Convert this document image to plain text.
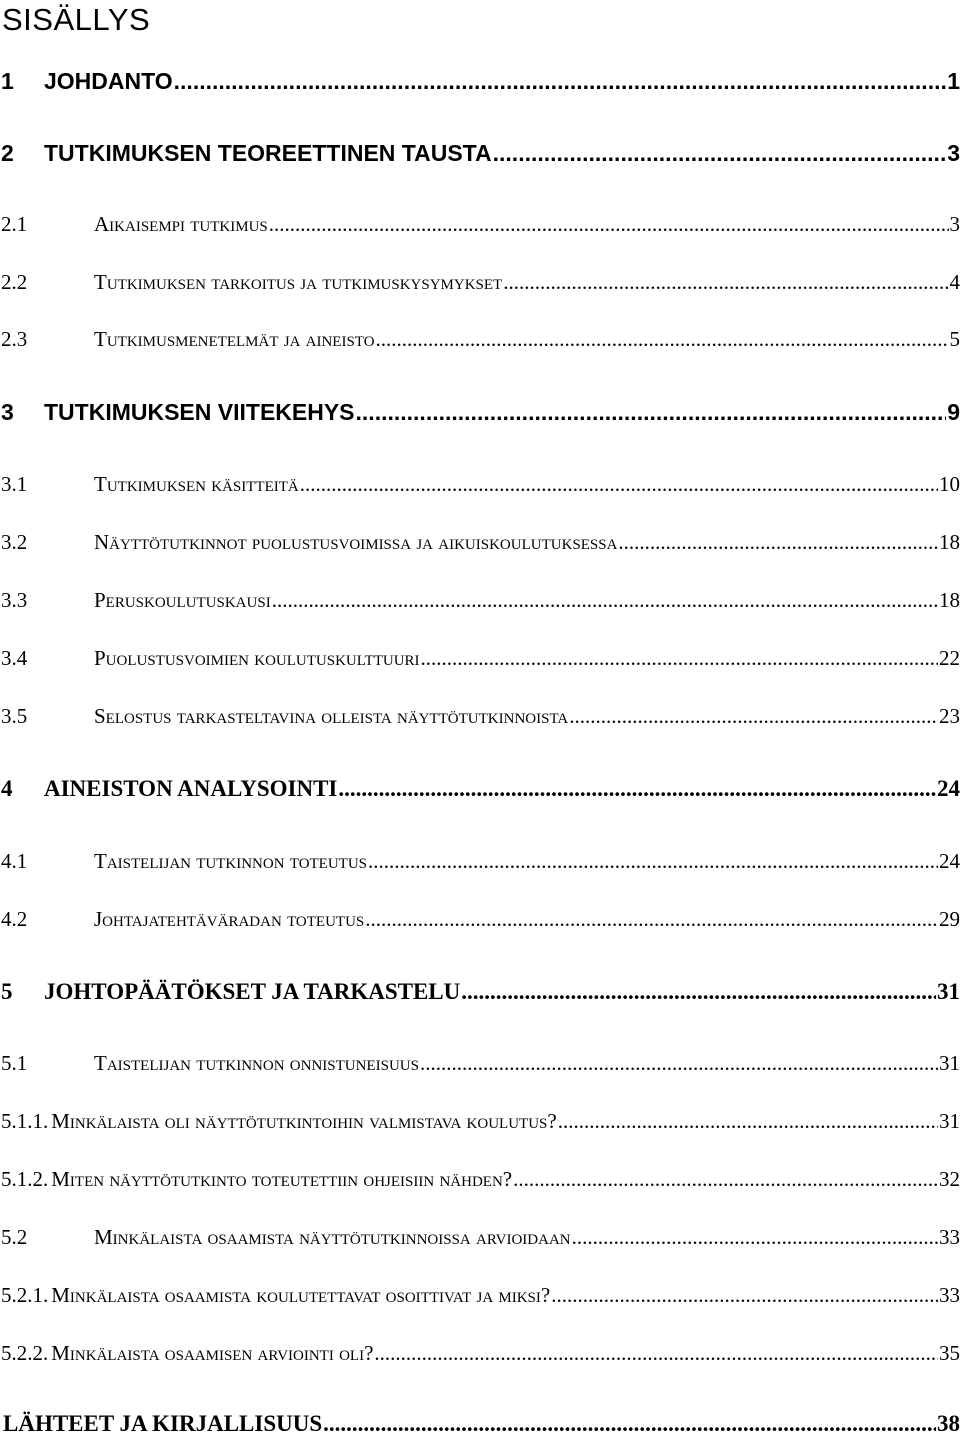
SISÄLLYS
1	JOHDANTO .....	1
2	TUTKIMUKSEN TEOREETTINEN TAUSTA .....	3
2.1	Aikaisempi tutkimus .....	3
2.2	Tutkimuksen tarkoitus ja tutkimuskysymykset .....	4
2.3	Tutkimusmenetelmät ja aineisto .....	5
3	TUTKIMUKSEN VIITEKEHYS .....	9
3.1	Tutkimuksen käsitteitä .....	10
3.2	Näyttötutkinnot puolustusvoimissa ja aikuiskoulutuksessa .....	18
3.3	Peruskoulutuskausi .....	18
3.4	Puolustusvoimien koulutuskulttuuri .....	22
3.5	Selostus tarkasteltavina olleista näyttötutkinnoista .....	23
4	AINEISTON ANALYSOINTI .....	24
4.1	Taistelijan tutkinnon toteutus .....	24
4.2	Johtajatehtäväradan toteutus .....	29
5	JOHTOPÄÄTÖKSET JA TARKASTELU .....	31
5.1	Taistelijan tutkinnon onnistuneisuus .....	31
5.1.1. Minkälaista oli näyttötutkintoihin valmistava koulutus? .....	31
5.1.2. Miten näyttötutkinto toteutettiin ohjeisiin nähden? .....	32
5.2	Minkälaista osaamista näyttötutkinnoissa arvioidaan .....	33
5.2.1. Minkälaista osaamista koulutettavat osoittivat ja miksi? .....	33
5.2.2. Minkälaista osaamisen arviointi oli? .....	35
LÄHTEET JA KIRJALLISUUS .....	38
